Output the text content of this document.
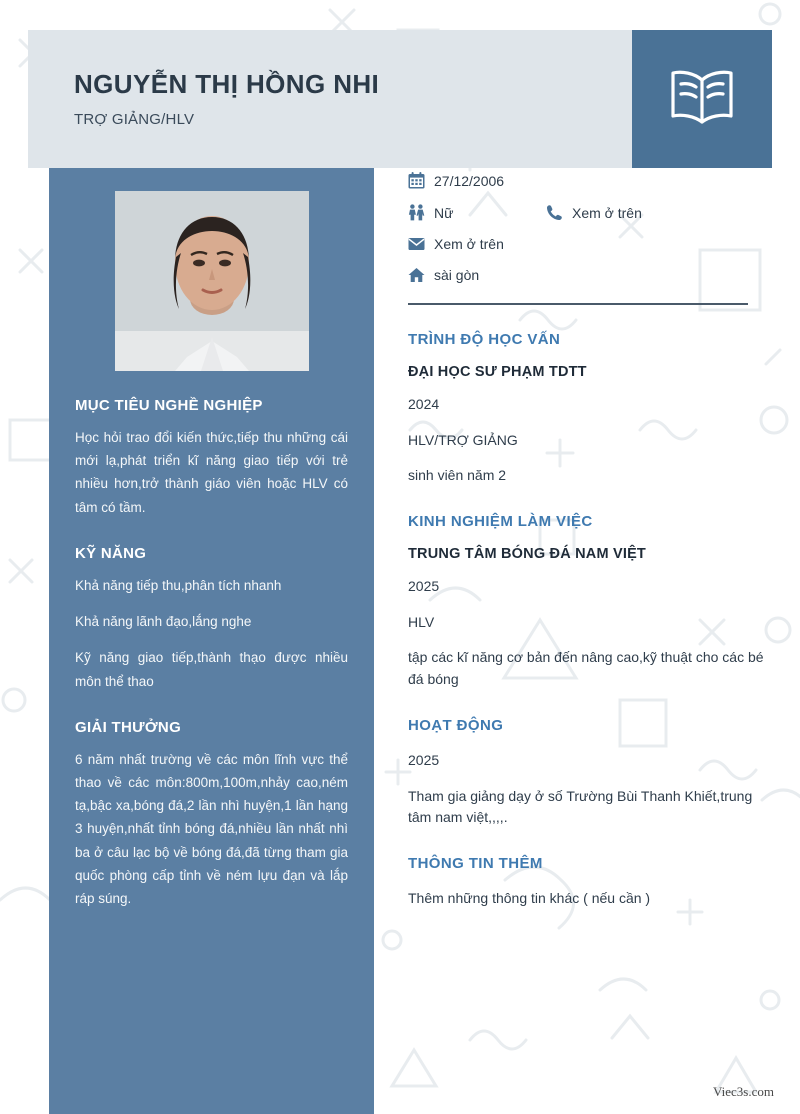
NGUYỄN THỊ HỒNG NHI
TRỢ GIẢNG/HLV
MỤC TIÊU NGHỀ NGHIỆP

Học hỏi trao đổi kiến thức,tiếp thu những cái mới lạ,phát triển kĩ năng giao tiếp với trẻ nhiều hơn,trở thành giáo viên hoặc HLV có tâm có tầm.

KỸ NĂNG

Khả năng tiếp thu,phân tích nhanh

Khả năng lãnh đạo,lắng nghe

Kỹ năng giao tiếp,thành thạo được nhiều môn thể thao

GIẢI THƯỞNG

6 năm nhất trường về các môn lĩnh vực thể thao về các môn:800m,100m,nhảy cao,ném tạ,bậc xa,bóng đá,2 lần nhì huyện,1 lần hạng 3 huyện,nhất tỉnh bóng đá,nhiều lần nhất nhì ba ở câu lạc bộ về bóng đá,đã từng tham gia quốc phòng cấp tỉnh về ném lựu đạn và lắp ráp súng.

27/12/2006
Nữ	Xem ở trên
Xem ở trên
sài gòn
TRÌNH ĐỘ HỌC VẤN
ĐẠI HỌC SƯ PHẠM TDTT
2024
HLV/TRỢ GIẢNG
sinh viên năm 2
KINH NGHIỆM LÀM VIỆC
TRUNG TÂM BÓNG ĐÁ NAM VIỆT
2025
HLV
tập các kĩ năng cơ bản đến nâng cao,kỹ thuật cho các bé đá bóng
HOẠT ĐỘNG
2025
Tham gia giảng dạy ở số Trường Bùi Thanh Khiết,trung tâm nam việt,,,,.
THÔNG TIN THÊM
Thêm những thông tin khác ( nếu cần )
Viec3s.com
